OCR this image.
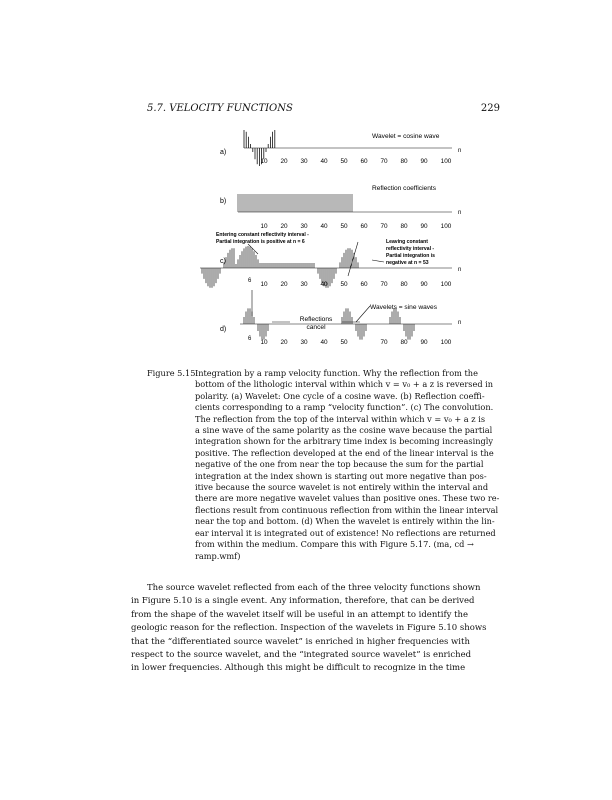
5.7. VELOCITY FUNCTIONS	229
a)
b)
c)
d)
n
n
n
n
10 20 30 40 50 60 70 80 90 100
10 20 30 40 50 60 70 80 90 100
10 20 30 40 50 60 70 80 90 100
10 20 30 40 50	70 80 90 100
6
6
Wavelet = cosine wave
Reflection coefficients
Entering constant reflectivity interval -
Partial integration is positive at n = 6	Leaving constant
reflectivity interval -
Partial integration is
negative at n = 53
Wavelets = sine waves
Reflections
cancel
Figure 5.15:
Integration by a ramp velocity function. Why the reflection from the
bottom of the lithologic interval within which v = v₀ + a z is reversed in
polarity. (a) Wavelet: One cycle of a cosine wave. (b) Reflection coeffi-
cients corresponding to a ramp “velocity function”. (c) The convolution.
The reflection from the top of the interval within which v = v₀ + a z is
a sine wave of the same polarity as the cosine wave because the partial
integration shown for the arbitrary time index is becoming increasingly
positive. The reflection developed at the end of the linear interval is the
negative of the one from near the top because the sum for the partial
integration at the index shown is starting out more negative than pos-
itive because the source wavelet is not entirely within the interval and
there are more negative wavelet values than positive ones. These two re-
flections result from continuous reflection from within the linear interval
near the top and bottom. (d) When the wavelet is entirely within the lin-
ear interval it is integrated out of existence! No reflections are returned
from within the medium. Compare this with Figure 5.17. (ma, cd →
ramp.wmf)

The source wavelet reflected from each of the three velocity functions shown

in Figure 5.10 is a single event. Any information, therefore, that can be derived

from the shape of the wavelet itself will be useful in an attempt to identify the

geologic reason for the reflection. Inspection of the wavelets in Figure 5.10 shows

that the “differentiated source wavelet” is enriched in higher frequencies with

respect to the source wavelet, and the “integrated source wavelet” is enriched

in lower frequencies. Although this might be difficult to recognize in the time
